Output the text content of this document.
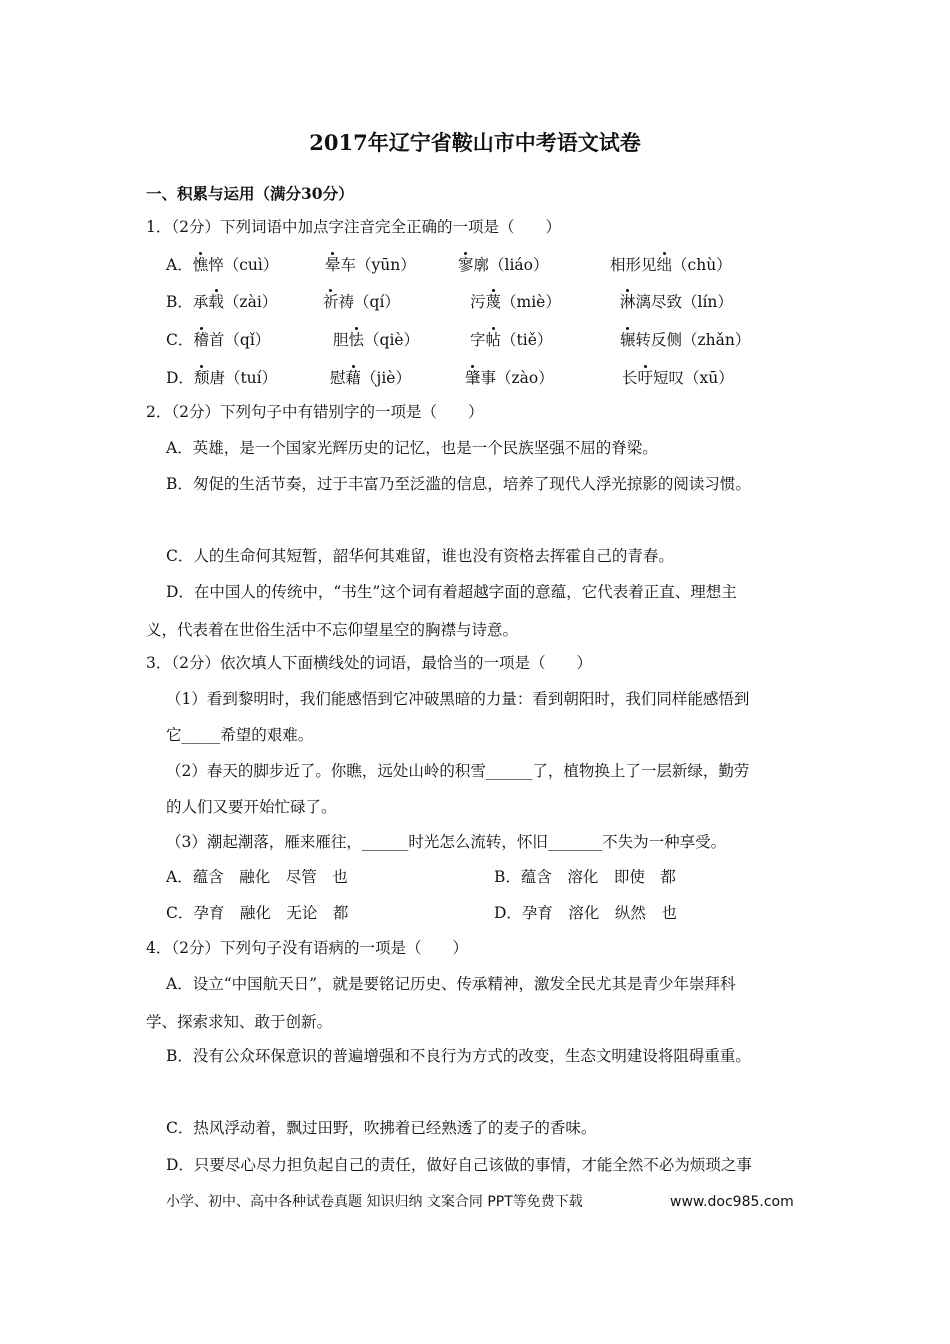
2017年辽宁省鞍山市中考语文试卷
一、积累与运用（满分30分）
1．（2分）下列词语中加点字注音完全正确的一项是（　　）
A．憔悴（cuì）	晕车（yūn）	寥廓（liáo）	相形见绌（chù）
B．承载（zài）	祈祷（qí）	污蔑（miè）	淋漓尽致（lín）
C．稽首（qǐ）	胆怯（qiè）	字帖（tiě）	辗转反侧（zhǎn）
D．颓唐（tuí）	慰藉（jiè）	肇事（zào）	长吁短叹（xū）
2．（2分）下列句子中有错别字的一项是（　　）
A．英雄，是一个国家光辉历史的记忆，也是一个民族坚强不屈的脊梁。
B．匆促的生活节奏，过于丰富乃至泛滥的信息，培养了现代人浮光掠影的阅读习惯。
C．人的生命何其短暂，韶华何其难留，谁也没有资格去挥霍自己的青春。
D．在中国人的传统中，“书生”这个词有着超越字面的意蕴，它代表着正直、理想主
义，代表着在世俗生活中不忘仰望星空的胸襟与诗意。
3．（2分）依次填人下面横线处的词语，最恰当的一项是（　　）
（1）看到黎明时，我们能感悟到它冲破黑暗的力量：看到朝阳时，我们同样能感悟到
它_____希望的艰难。
（2）春天的脚步近了。你瞧，远处山岭的积雪______了，植物换上了一层新绿，勤劳
的人们又要开始忙碌了。
（3）潮起潮落，雁来雁往，______时光怎么流转，怀旧_______不失为一种享受。
A．蕴含　融化　尽管　也	B．蕴含　溶化　即使　都
C．孕育　融化　无论　都	D．孕育　溶化　纵然　也
4．（2分）下列句子没有语病的一项是（　　）
A．设立“中国航天日”，就是要铭记历史、传承精神，激发全民尤其是青少年崇拜科
学、探索求知、敢于创新。
B．没有公众环保意识的普遍增强和不良行为方式的改变，生态文明建设将阻碍重重。
C．热风浮动着，飘过田野，吹拂着已经熟透了的麦子的香味。
D．只要尽心尽力担负起自己的责任，做好自己该做的事情，才能全然不必为烦琐之事
小学、初中、高中各种试卷真题 知识归纳 文案合同 PPT等免费下载	www.doc985.com
